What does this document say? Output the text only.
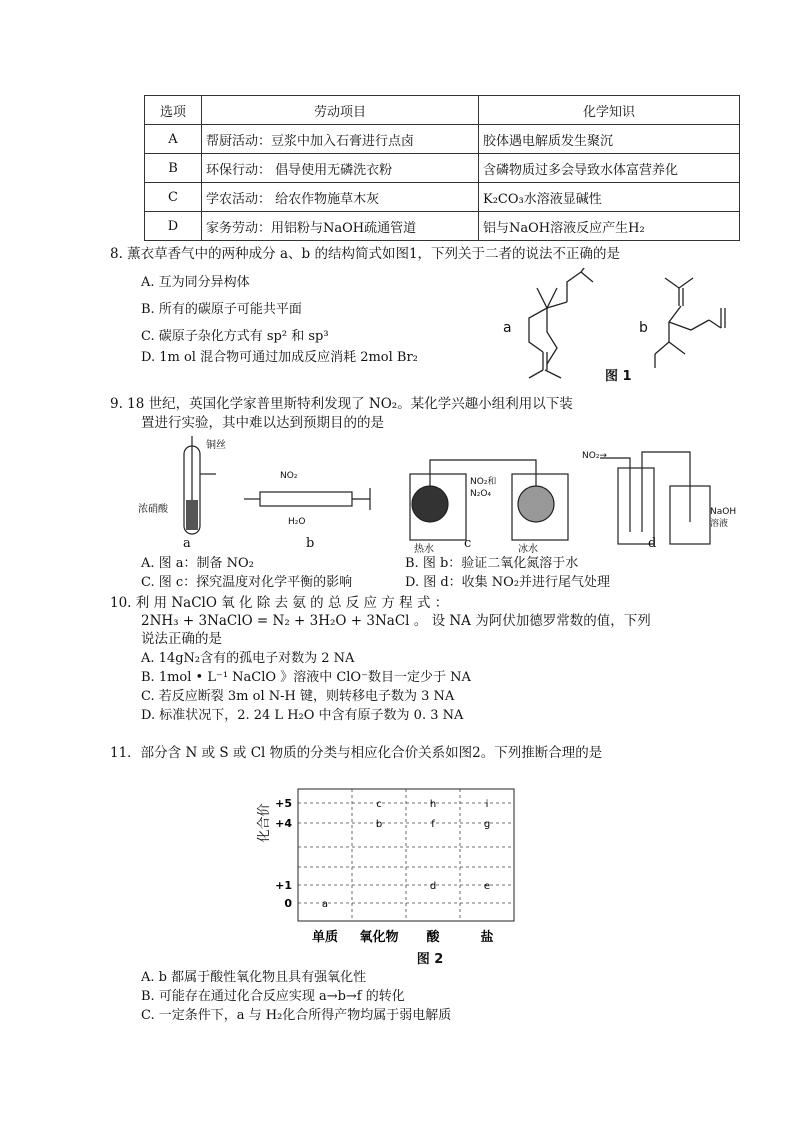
选项	劳动项目	化学知识
A	帮厨活动：豆浆中加入石膏进行点卤	胶体遇电解质发生聚沉
B	环保行动： 倡导使用无磷洗衣粉	含磷物质过多会导致水体富营养化
C	学农活动： 给农作物施草木灰	K₂CO₃水溶液显碱性
D	家务劳动：用铝粉与NaOH疏通管道	铝与NaOH溶液反应产生H₂
8. 薰衣草香气中的两种成分 a、b 的结构简式如图1，下列关于二者的说法不正确的是
A. 互为同分异构体
B. 所有的碳原子可能共平面
C. 碳原子杂化方式有 sp² 和 sp³
D. 1m ol 混合物可通过加成反应消耗 2mol Br₂
a	b
图 1
9. 18 世纪，英国化学家普里斯特利发现了 NO₂。某化学兴趣小组利用以下装
置进行实验，其中难以达到预期目的的是
铜丝
浓硝酸
NO₂
H₂O
NO₂和
N₂O₄
热水	冰水
NO₂→
NaOH
溶液
a	b	c	d
A. 图 a：制备 NO₂	B. 图 b：验证二氧化氮溶于水
C. 图 c：探究温度对化学平衡的影响	D. 图 d：收集 NO₂并进行尾气处理
10. 利 用 NaClO 氧 化 除 去 氨 的 总 反 应 方 程 式 ：
2NH₃ + 3NaClO = N₂ + 3H₂O + 3NaCl 。 设 NA 为阿伏加德罗常数的值，下列
说法正确的是
A. 14gN₂含有的孤电子对数为 2 NA
B. 1mol • L⁻¹ NaClO 》溶液中 ClO⁻数目一定少于 NA
C. 若反应断裂 3m ol N-H 键，则转移电子数为 3 NA
D. 标准状况下，2. 24 L H₂O 中含有原子数为 0. 3 NA
11．部分含 N 或 S 或 Cl 物质的分类与相应化合价关系如图2。下列推断合理的是
化合价 +5
+4
+1
0
单质 氧化物 酸	盐
a
b
c
d	e
f	g
h	i
图 2
A. b 都属于酸性氧化物且具有强氧化性
B. 可能存在通过化合反应实现 a→b→f 的转化
C. 一定条件下，a 与 H₂化合所得产物均属于弱电解质
